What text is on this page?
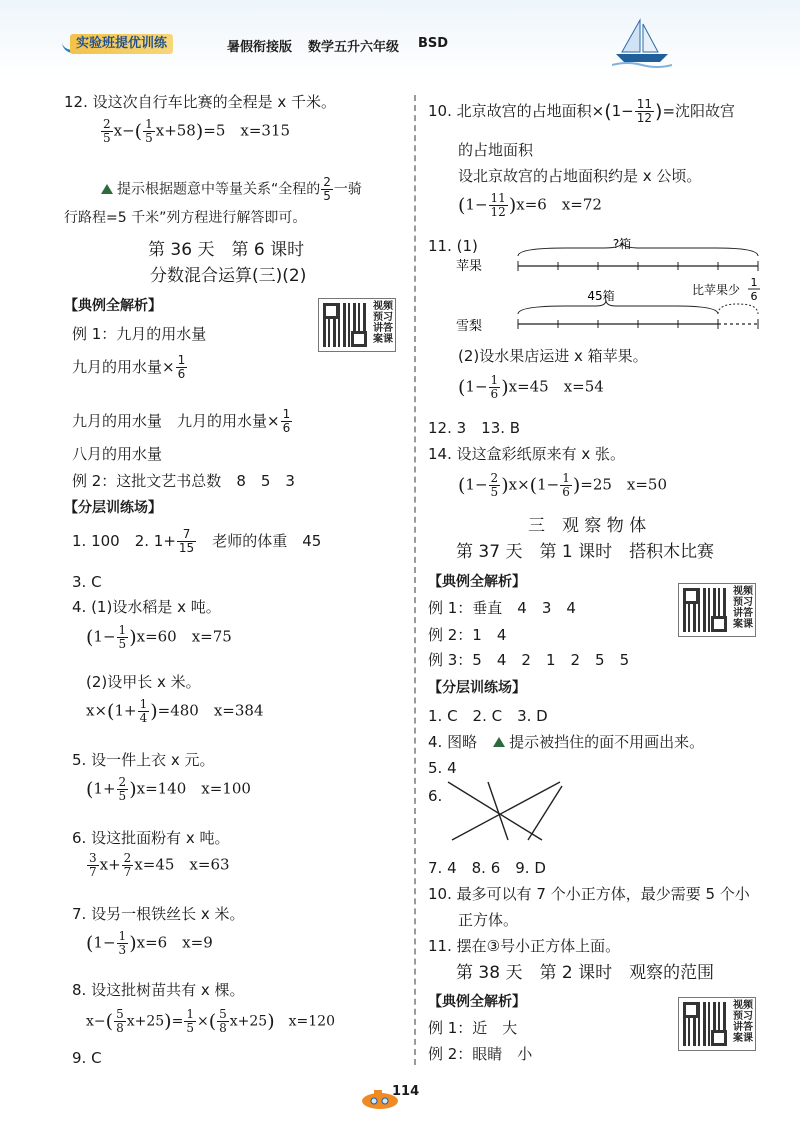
实验班提优训练	暑假衔接版 数学五升六年级 BSD
12. 设这次自行车比赛的全程是 x 千米。
$\frac{2}{5} x-( \frac{1}{5} x+58)=5$　x=315
提示根据题意中等量关系“全程的 $\frac{2}{5}$ 一骑
行路程=5 千米”列方程进行解答即可。
第 36 天　第 6 课时
分数混合运算(三)(2)
【典例全解析】
例 1：九月的用水量
九月的用水量× $\frac{1}{6}$
九月的用水量　九月的用水量× $\frac{1}{6}$
八月的用水量
例 2：这批文艺书总数　8　5　3
【分层训练场】
1. 100　2. $1+ \frac{7}{15}$ 　老师的体重　45
3. C
4. (1)设水稻是 x 吨。
$(1- \frac{1}{5} )x=60$　x=75
(2)设甲长 x 米。
$x\times(1+ \frac{1}{4} )=480$　x=384
5. 设一件上衣 x 元。
$(1+ \frac{2}{5} )x=140$　x=100
6. 设这批面粉有 x 吨。
$\frac{3}{7} x+ \frac{2}{7} x=45$　x=63
7. 设另一根铁丝长 x 米。
$(1- \frac{1}{3} )x=6$　x=9
8. 设这批树苗共有 x 棵。
$x-( \frac{5}{8} x+25)= \frac{1}{5}$ ×( $\frac{5}{8} x+25$)　 x=120
9. C
视频预习讲答案课
视频预习讲答案课
视频预习讲答案课
10. 北京故宫的占地面积$\times(1- \frac{11}{12}$ )=沈阳故宫
的占地面积
设北京故宫的占地面积约是 x 公顷。
$(1- \frac{11}{12} )x=6$　x=72
11. (1)	?箱
苹果
45箱	比苹果少
1
6
雪梨
(2)设水果店运进 x 箱苹果。
$(1- \frac{1}{6} )x=45$　x=54
12. 3　13. B
14. 设这盒彩纸原来有 x 张。
$(1- \frac{2}{5} )x\times(1- \frac{1}{6} )=25$　x=50
三　观 察 物 体
第 37 天　第 1 课时　搭积木比赛
【典例全解析】
例 1：垂直　4　3　4
例 2：1　4
例 3：5　4　2　1　2　5　5
【分层训练场】
1. C　2. C　3. D
4. 图略　 提示被挡住的面不用画出来。
5. 4
6.
7. 4　8. 6　9. D
10. 最多可以有 7 个小正方体，最少需要 5 个小
正方体。
11. 摆在③号小正方体上面。
第 38 天　第 2 课时　观察的范围
【典例全解析】
例 1：近　大
例 2：眼睛　小
114
